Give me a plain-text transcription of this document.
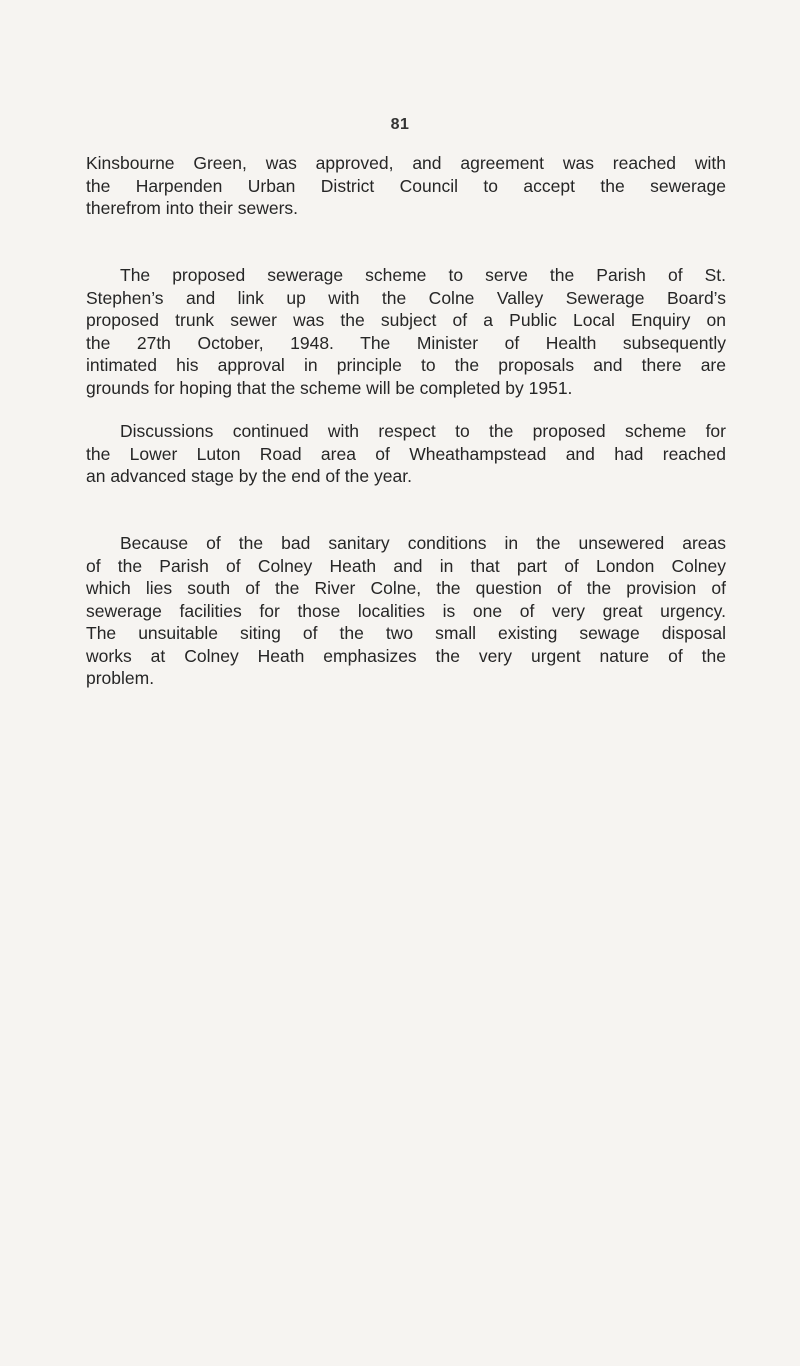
81

Kinsbourne Green, was approved, and agreement was reached with
the Harpenden Urban District Council to accept the sewerage
therefrom into their sewers.

The proposed sewerage scheme to serve the Parish of St.
Stephen’s and link up with the Colne Valley Sewerage Board’s
proposed trunk sewer was the subject of a Public Local Enquiry on
the 27th October, 1948. The Minister of Health subsequently
intimated his approval in principle to the proposals and there are
grounds for hoping that the scheme will be completed by 1951.

Discussions continued with respect to the proposed scheme for
the Lower Luton Road area of Wheathampstead and had reached
an advanced stage by the end of the year.

Because of the bad sanitary conditions in the unsewered areas
of the Parish of Colney Heath and in that part of London Colney
which lies south of the River Colne, the question of the provision of
sewerage facilities for those localities is one of very great urgency.
The unsuitable siting of the two small existing sewage disposal
works at Colney Heath emphasizes the very urgent nature of the
problem.
